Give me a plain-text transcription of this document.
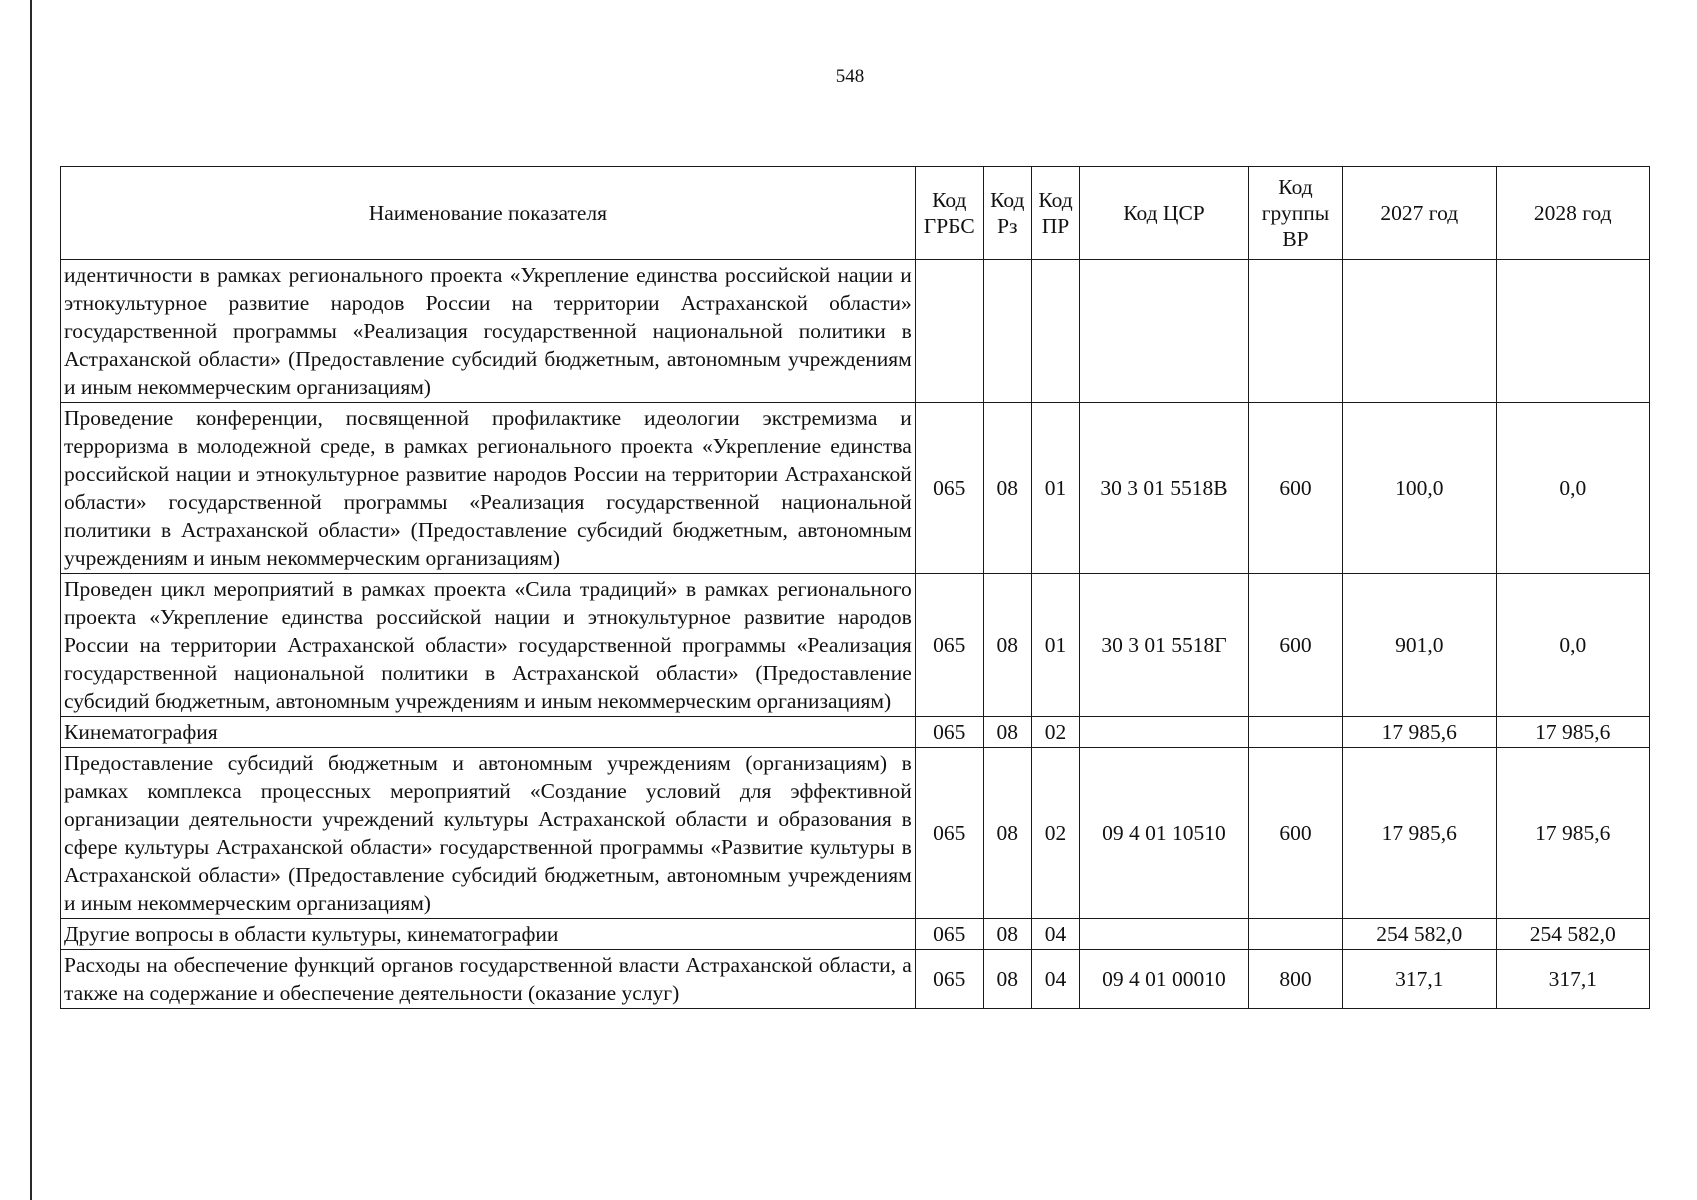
548
Наименование показателя	Код ГРБС	Код Рз	Код ПР	Код ЦСР	Код группы ВР	2027 год	2028 год
идентичности в рамках регионального проекта «Укрепление единства российской нации и этнокультурное развитие народов России на территории Астраханской области» государственной программы «Реализация государственной национальной политики в Астраханской области» (Предоставление субсидий бюджетным, автономным учреждениям и иным некоммерческим организациям)							
Проведение конференции, посвященной профилактике идеологии экстремизма и терроризма в молодежной среде, в рамках регионального проекта «Укрепление единства российской нации и этнокультурное развитие народов России на территории Астраханской области» государственной программы «Реализация государственной национальной политики в Астраханской области» (Предоставление субсидий бюджетным, автономным учреждениям и иным некоммерческим организациям)	065	08	01	30 3 01 5518В	600	100,0	0,0
Проведен цикл мероприятий в рамках проекта «Сила традиций» в рамках регионального проекта «Укрепление единства российской нации и этнокультурное развитие народов России на территории Астраханской области» государственной программы «Реализация государственной национальной политики в Астраханской области» (Предоставление субсидий бюджетным, автономным учреждениям и иным некоммерческим организациям)	065	08	01	30 3 01 5518Г	600	901,0	0,0
Кинематография	065	08	02			17 985,6	17 985,6
Предоставление субсидий бюджетным и автономным учреждениям (организациям) в рамках комплекса процессных мероприятий «Создание условий для эффективной организации деятельности учреждений культуры Астраханской области и образования в сфере культуры Астраханской области» государственной программы «Развитие культуры в Астраханской области» (Предоставление субсидий бюджетным, автономным учреждениям и иным некоммерческим организациям)	065	08	02	09 4 01 10510	600	17 985,6	17 985,6
Другие вопросы в области культуры, кинематографии	065	08	04			254 582,0	254 582,0
Расходы на обеспечение функций органов государственной власти Астраханской области, а также на содержание и обеспечение деятельности (оказание услуг)	065	08	04	09 4 01 00010	800	317,1	317,1
